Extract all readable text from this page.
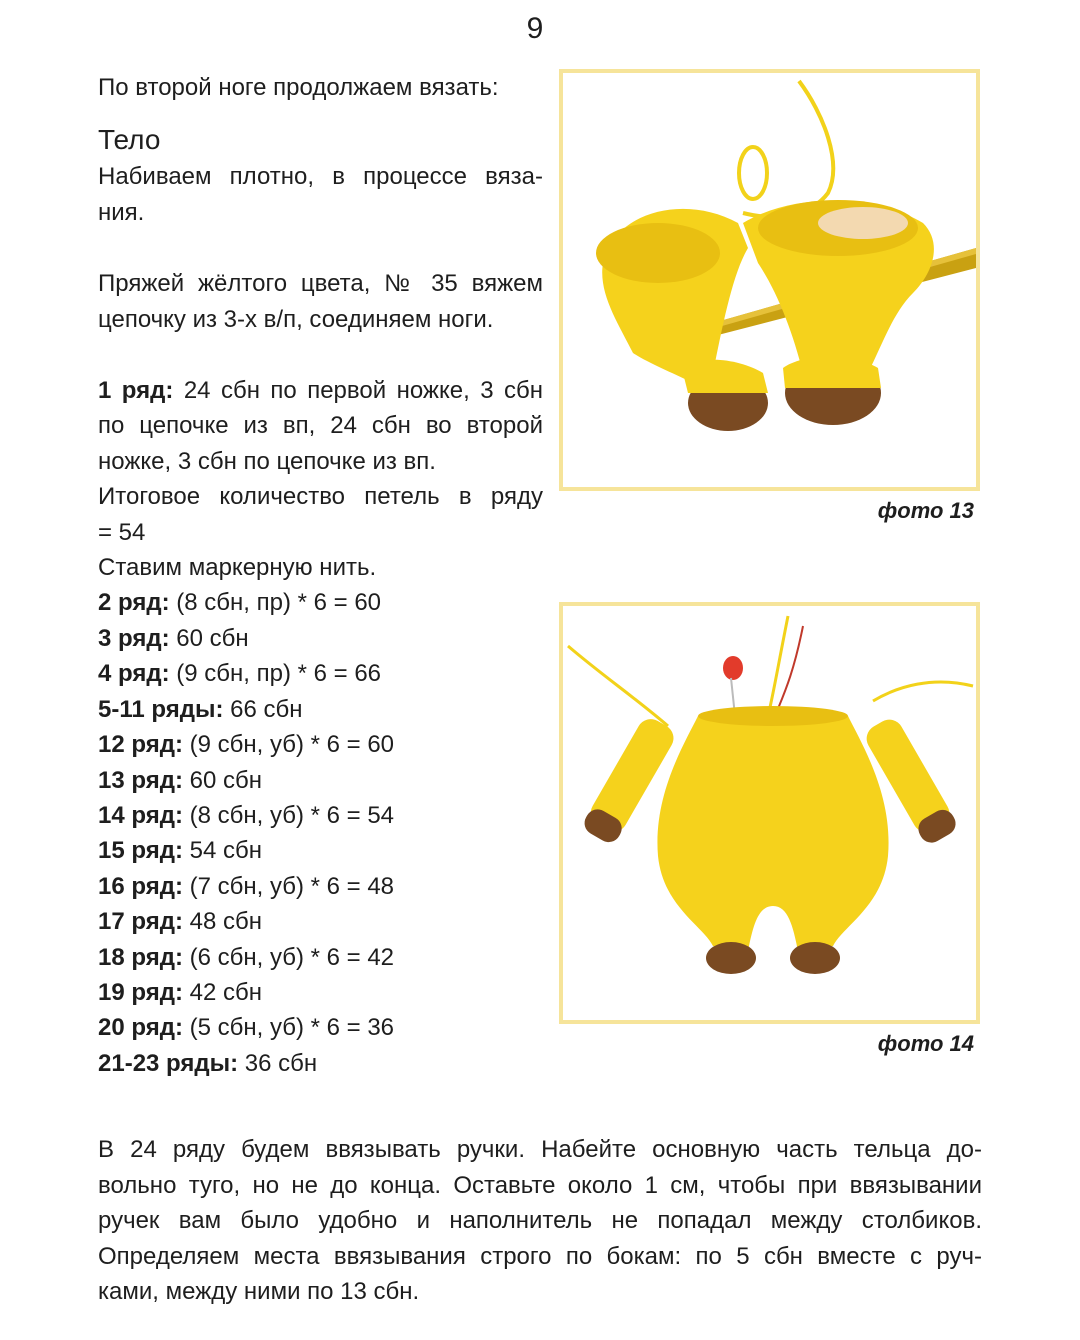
9
По второй ноге продолжаем вязать:
Тело
Набиваем плотно, в процессе вяза-
ния.
Пряжей жёлтого цвета, № 35 вяжем
цепочку из 3-х в/п, соединяем ноги.
1 ряд: 24 сбн по первой ножке, 3 сбн
по цепочке из вп, 24 сбн во второй
ножке, 3 сбн по цепочке из вп.
Итоговое количество петель в ряду
= 54
Ставим маркерную нить.
2 ряд: (8 сбн, пр) * 6 = 60
3 ряд: 60 сбн
4 ряд: (9 сбн, пр) * 6 = 66
5-11 ряды: 66 сбн
12 ряд: (9 сбн, уб) * 6 = 60
13 ряд: 60 сбн
14 ряд: (8 сбн, уб) * 6 = 54
15 ряд: 54 сбн
16 ряд: (7 сбн, уб) * 6 = 48
17 ряд: 48 сбн
18 ряд: (6 сбн, уб) * 6 = 42
19 ряд: 42 сбн
20 ряд: (5 сбн, уб) * 6 = 36
21-23 ряды: 36 сбн
фото 13
фото 14
В 24 ряду будем ввязывать ручки. Набейте основную часть тельца до-
вольно туго, но не до конца. Оставьте около 1 см, чтобы при ввязывании
ручек вам было удобно и наполнитель не попадал между столбиков.
Определяем места ввязывания строго по бокам: по 5 сбн вместе с руч-
ками, между ними по 13 сбн.
